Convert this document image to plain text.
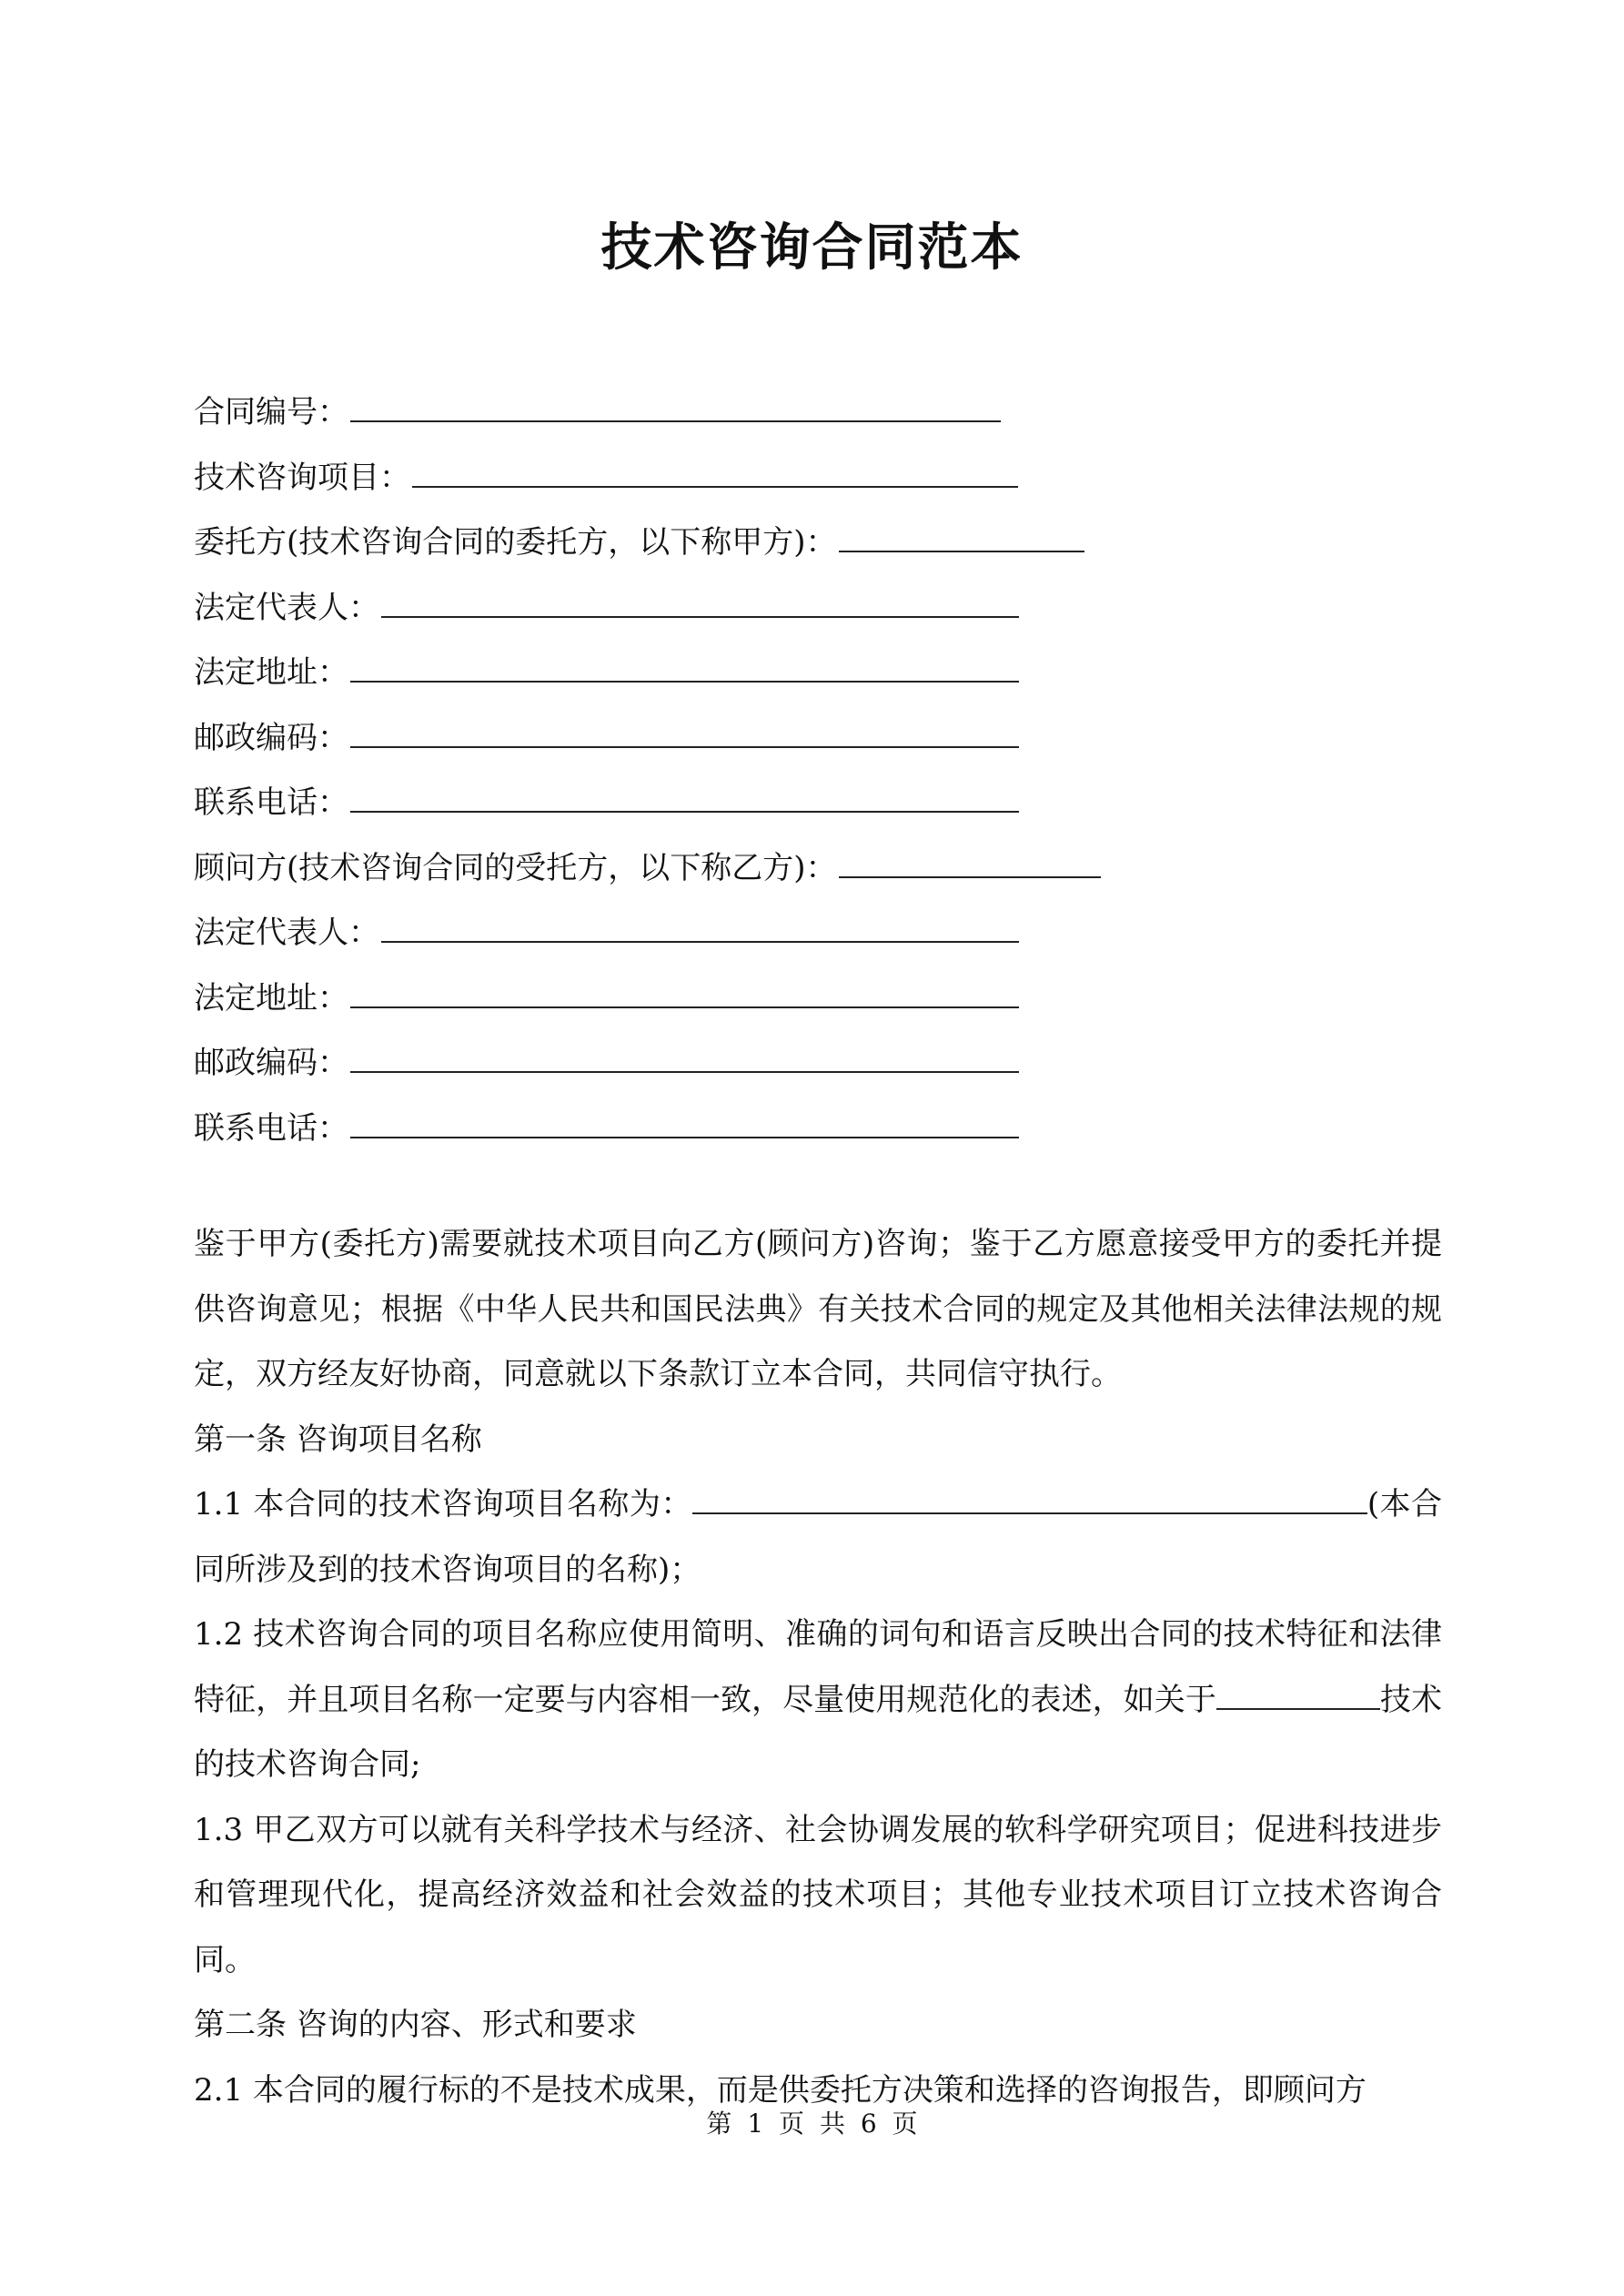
技术咨询合同范本
合同编号：
技术咨询项目：
委托方(技术咨询合同的委托方，以下称甲方)：
法定代表人：
法定地址：
邮政编码：
联系电话：
顾问方(技术咨询合同的受托方，以下称乙方)：
法定代表人：
法定地址：
邮政编码：
联系电话：

鉴于甲方(委托方)需要就技术项目向乙方(顾问方)咨询；鉴于乙方愿意接受甲方的委托并提供咨询意见；根据《中华人民共和国民法典》有关技术合同的规定及其他相关法律法规的规定，双方经友好协商，同意就以下条款订立本合同，共同信守执行。

第一条 咨询项目名称

1.1 本合同的技术咨询项目名称为：	(本合同所涉及到的技术咨询项目的名称)；

1.2 技术咨询合同的项目名称应使用简明、准确的词句和语言反映出合同的技术特征和法律特征，并且项目名称一定要与内容相一致，尽量使用规范化的表述，如关于	技术的技术咨询合同;

1.3 甲乙双方可以就有关科学技术与经济、社会协调发展的软科学研究项目；促进科技进步和管理现代化，提高经济效益和社会效益的技术项目；其他专业技术项目订立技术咨询合同。

第二条 咨询的内容、形式和要求

2.1 本合同的履行标的不是技术成果，而是供委托方决策和选择的咨询报告，即顾问方

第 1 页 共 6 页
